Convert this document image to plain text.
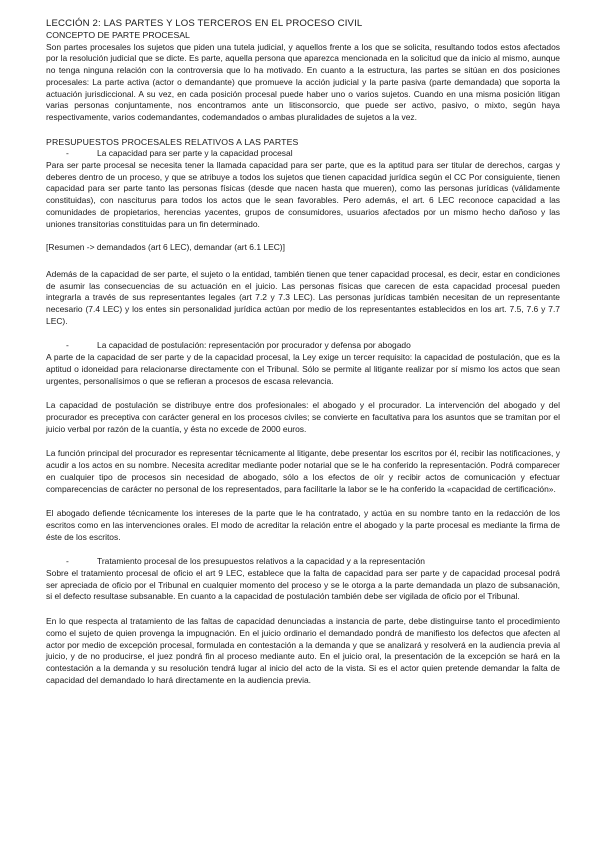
LECCIÓN 2: LAS PARTES Y LOS TERCEROS EN EL PROCESO CIVIL

CONCEPTO DE PARTE PROCESAL

Son partes procesales los sujetos que piden una tutela judicial, y aquellos frente a los que se solicita, resultando todos estos afectados por la resolución judicial que se dicte. Es parte, aquella persona que aparezca mencionada en la solicitud que da inicio al mismo, aunque no tenga ninguna relación con la controversia que lo ha motivado. En cuanto a la estructura, las partes se sitúan en dos posiciones procesales: La parte activa (actor o demandante) que promueve la acción judicial y la parte pasiva (parte demandada) que soporta la actuación jurisdiccional. A su vez, en cada posición procesal puede haber uno o varios sujetos. Cuando en una misma posición litigan varias personas conjuntamente, nos encontramos ante un litisconsorcio, que puede ser activo, pasivo, o mixto, según haya respectivamente, varios codemandantes, codemandados o ambas pluralidades de sujetos a la vez.

PRESUPUESTOS PROCESALES RELATIVOS A LAS PARTES

-	La capacidad para ser parte y la capacidad procesal

Para ser parte procesal se necesita tener la llamada capacidad para ser parte, que es la aptitud para ser titular de derechos, cargas y deberes dentro de un proceso, y que se atribuye a todos los sujetos que tienen capacidad jurídica según el CC Por consiguiente, tienen capacidad para ser parte tanto las personas físicas (desde que nacen hasta que mueren), como las personas jurídicas (válidamente constituidas), con nasciturus para todos los actos que le sean favorables. Pero además, el art. 6 LEC reconoce capacidad a las comunidades de propietarios, herencias yacentes, grupos de consumidores, usuarios afectados por un mismo hecho dañoso y las uniones transitorias constituidas para un fin determinado.

[Resumen -> demandados (art 6 LEC), demandar (art 6.1 LEC)]

Además de la capacidad de ser parte, el sujeto o la entidad, también tienen que tener capacidad procesal, es decir, estar en condiciones de asumir las consecuencias de su actuación en el juicio. Las personas físicas que carecen de esta capacidad procesal pueden integrarla a través de sus representantes legales (art 7.2 y 7.3 LEC). Las personas jurídicas también necesitan de un representante necesario (7.4 LEC) y los entes sin personalidad jurídica actúan por medio de los representantes establecidos en los art. 7.5, 7.6 y 7.7 LEC).

-	La capacidad de postulación: representación por procurador y defensa por abogado

A parte de la capacidad de ser parte y de la capacidad procesal, la Ley exige un tercer requisito: la capacidad de postulación, que es la aptitud o idoneidad para relacionarse directamente con el Tribunal. Sólo se permite al litigante realizar por sí mismo los actos que sean urgentes, personalísimos o que se refieran a procesos de escasa relevancia.

La capacidad de postulación se distribuye entre dos profesionales: el abogado y el procurador. La intervención del abogado y del procurador es preceptiva con carácter general en los procesos civiles; se convierte en facultativa para los asuntos que se tramitan por el juicio verbal por razón de la cuantía, y ésta no excede de 2000 euros.

La función principal del procurador es representar técnicamente al litigante, debe presentar los escritos por él, recibir las notificaciones, y acudir a los actos en su nombre. Necesita acreditar mediante poder notarial que se le ha conferido la representación. Podrá comparecer en cualquier tipo de procesos sin necesidad de abogado, sólo a los efectos de oír y recibir actos de comunicación y efectuar comparecencias de carácter no personal de los representados, para facilitarle la labor se le ha conferido la «capacidad de certificación».

El abogado defiende técnicamente los intereses de la parte que le ha contratado, y actúa en su nombre tanto en la redacción de los escritos como en las intervenciones orales. El modo de acreditar la relación entre el abogado y la parte procesal es mediante la firma de éste de los escritos.

-	Tratamiento procesal de los presupuestos relativos a la capacidad y a la representación

Sobre el tratamiento procesal de oficio el art 9 LEC, establece que la falta de capacidad para ser parte y de capacidad procesal podrá ser apreciada de oficio por el Tribunal en cualquier momento del proceso y se le otorga a la parte demandada un plazo de subsanación, si el defecto resultase subsanable. En cuanto a la capacidad de postulación también debe ser vigilada de oficio por el Tribunal.

En lo que respecta al tratamiento de las faltas de capacidad denunciadas a instancia de parte, debe distinguirse tanto el procedimiento como el sujeto de quien provenga la impugnación. En el juicio ordinario el demandado pondrá de manifiesto los defectos que afecten al actor por medio de excepción procesal, formulada en contestación a la demanda y que se analizará y resolverá en la audiencia previa al juicio, y de no producirse, el juez pondrá fin al proceso mediante auto. En el juicio oral, la presentación de la excepción se hará en la contestación a la demanda y su resolución tendrá lugar al inicio del acto de la vista. Si es el actor quien pretende demandar la falta de capacidad del demandado lo hará directamente en la audiencia previa.
